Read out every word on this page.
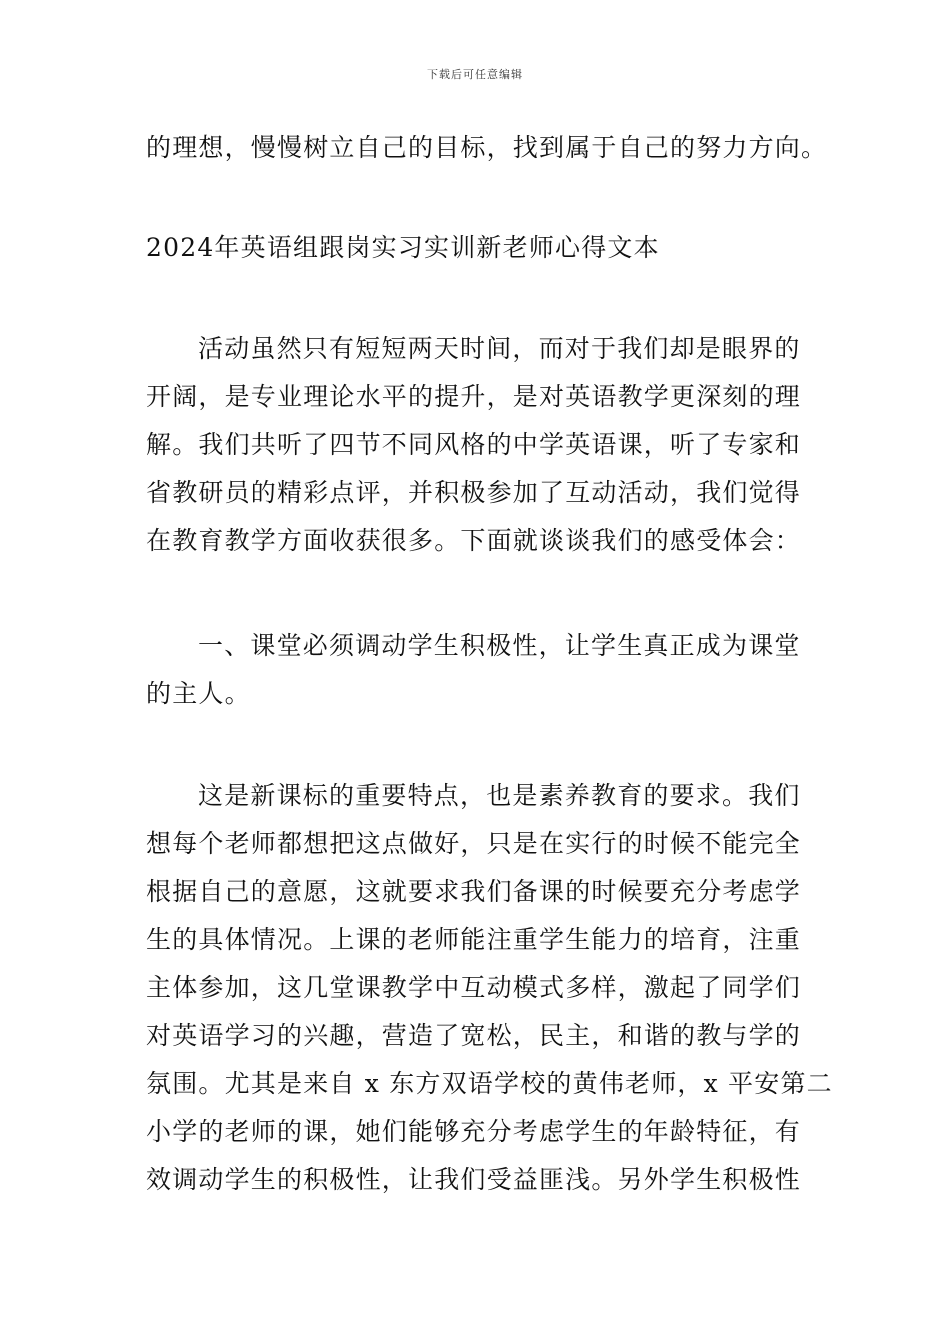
下载后可任意编辑
的理想，慢慢树立自己的目标，找到属于自己的努力方向。
2024年英语组跟岗实习实训新老师心得文本
活动虽然只有短短两天时间，而对于我们却是眼界的
开阔，是专业理论水平的提升，是对英语教学更深刻的理
解。我们共听了四节不同风格的中学英语课，听了专家和
省教研员的精彩点评，并积极参加了互动活动，我们觉得
在教育教学方面收获很多。下面就谈谈我们的感受体会：
一、课堂必须调动学生积极性，让学生真正成为课堂
的主人。
这是新课标的重要特点，也是素养教育的要求。我们
想每个老师都想把这点做好，只是在实行的时候不能完全
根据自己的意愿，这就要求我们备课的时候要充分考虑学
生的具体情况。上课的老师能注重学生能力的培育，注重
主体参加，这几堂课教学中互动模式多样，激起了同学们
对英语学习的兴趣，营造了宽松，民主，和谐的教与学的
氛围。尤其是来自 x 东方双语学校的黄伟老师，x 平安第二
小学的老师的课，她们能够充分考虑学生的年龄特征，有
效调动学生的积极性，让我们受益匪浅。另外学生积极性
